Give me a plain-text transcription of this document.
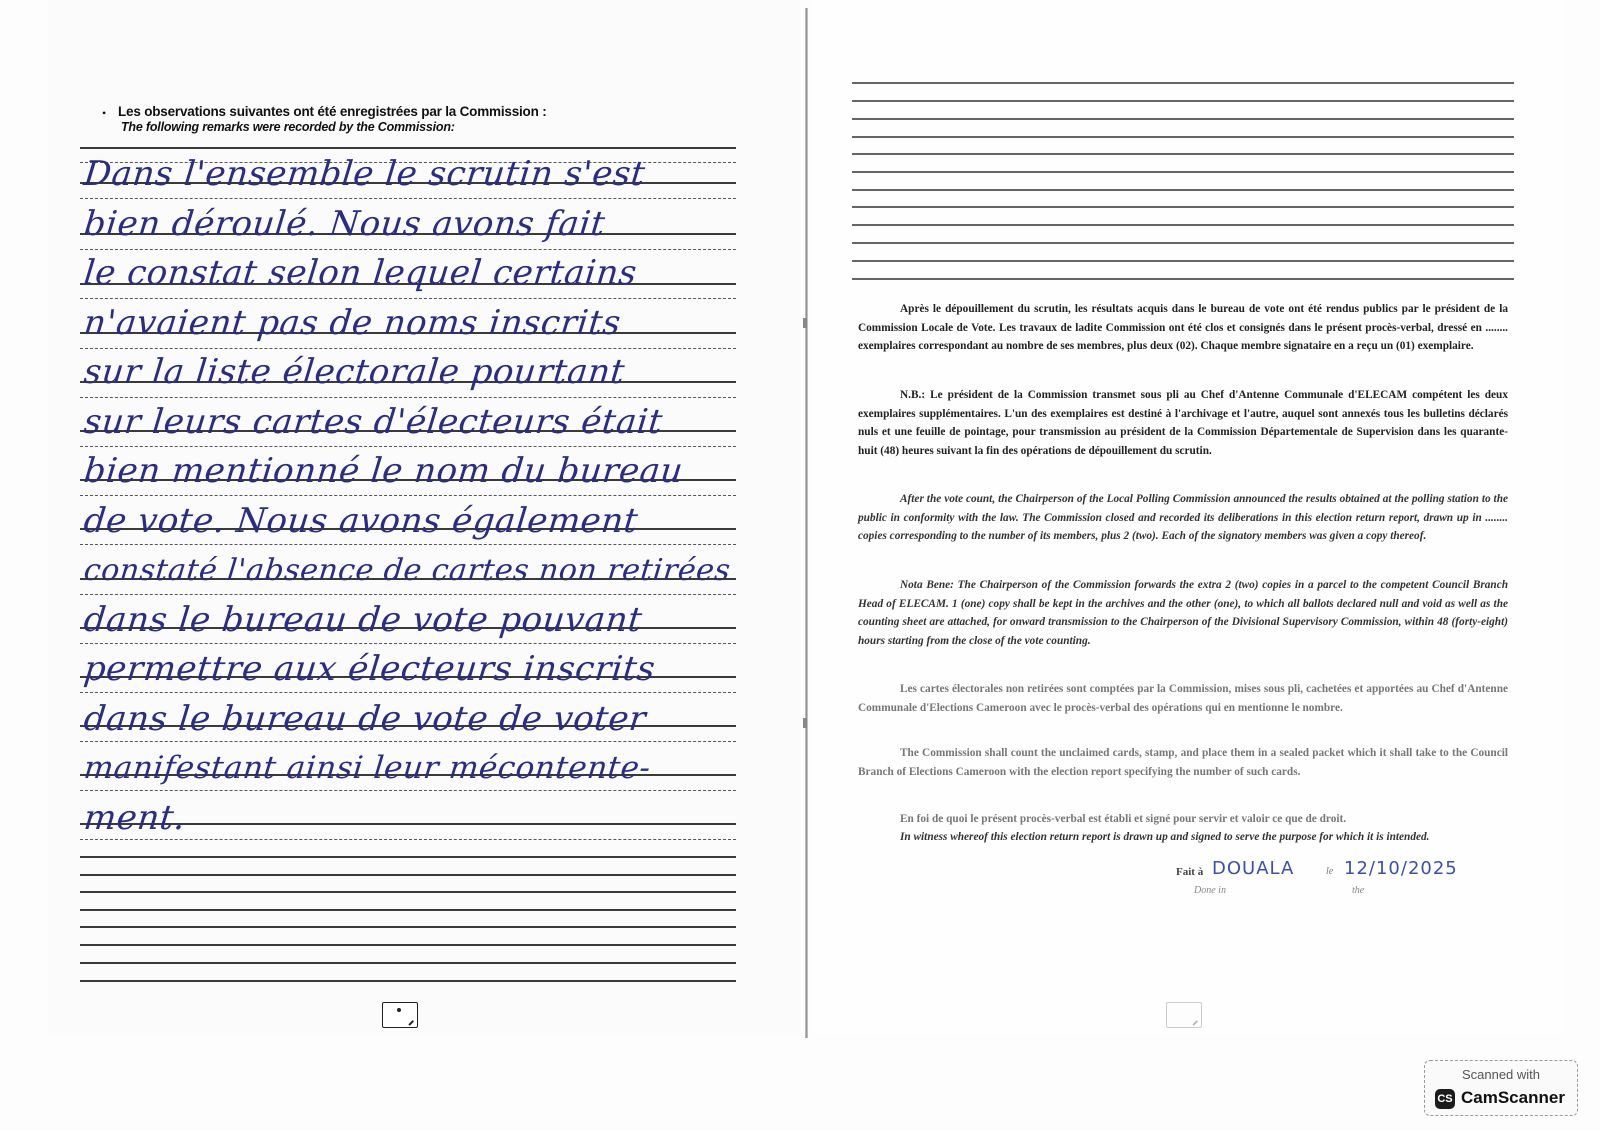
• Les observations suivantes ont été enregistrées par la Commission :
The following remarks were recorded by the Commission:
Dans l'ensemble le scrutin s'est
bien déroulé. Nous avons fait
le constat selon lequel certains
n'avaient pas de noms inscrits
sur la liste électorale pourtant
sur leurs cartes d'électeurs était
bien mentionné le nom du bureau
de vote. Nous avons également
constaté l'absence de cartes non retirées
dans le bureau de vote pouvant
permettre aux électeurs inscrits
dans le bureau de vote de voter
manifestant ainsi leur mécontente-
ment.
Après le dépouillement du scrutin, les résultats acquis dans le bureau de vote ont été rendus publics par le président de la Commission Locale de Vote. Les travaux de ladite Commission ont été clos et consignés dans le présent procès-verbal, dressé en ........ exemplaires correspondant au nombre de ses membres, plus deux (02). Chaque membre signataire en a reçu un (01) exemplaire.
N.B.: Le président de la Commission transmet sous pli au Chef d'Antenne Communale d'ELECAM compétent les deux exemplaires supplémentaires. L'un des exemplaires est destiné à l'archivage et l'autre, auquel sont annexés tous les bulletins déclarés nuls et une feuille de pointage, pour transmission au président de la Commission Départementale de Supervision dans les quarante-huit (48) heures suivant la fin des opérations de dépouillement du scrutin.
After the vote count, the Chairperson of the Local Polling Commission announced the results obtained at the polling station to the public in conformity with the law. The Commission closed and recorded its deliberations in this election return report, drawn up in ........ copies corresponding to the number of its members, plus 2 (two). Each of the signatory members was given a copy thereof.
Nota Bene: The Chairperson of the Commission forwards the extra 2 (two) copies in a parcel to the competent Council Branch Head of ELECAM. 1 (one) copy shall be kept in the archives and the other (one), to which all ballots declared null and void as well as the counting sheet are attached, for onward transmission to the Chairperson of the Divisional Supervisory Commission, within 48 (forty-eight) hours starting from the close of the vote counting.
Les cartes électorales non retirées sont comptées par la Commission, mises sous pli, cachetées et apportées au Chef d'Antenne Communale d'Elections Cameroon avec le procès-verbal des opérations qui en mentionne le nombre.
The Commission shall count the unclaimed cards, stamp, and place them in a sealed packet which it shall take to the Council Branch of Elections Cameroon with the election report specifying the number of such cards.
En foi de quoi le présent procès-verbal est établi et signé pour servir et valoir ce que de droit.
In witness whereof this election return report is drawn up and signed to serve the purpose for which it is intended.
Fait à DOUALA	le 12/10/2025
Done in	the
Scanned with
CS CamScanner
